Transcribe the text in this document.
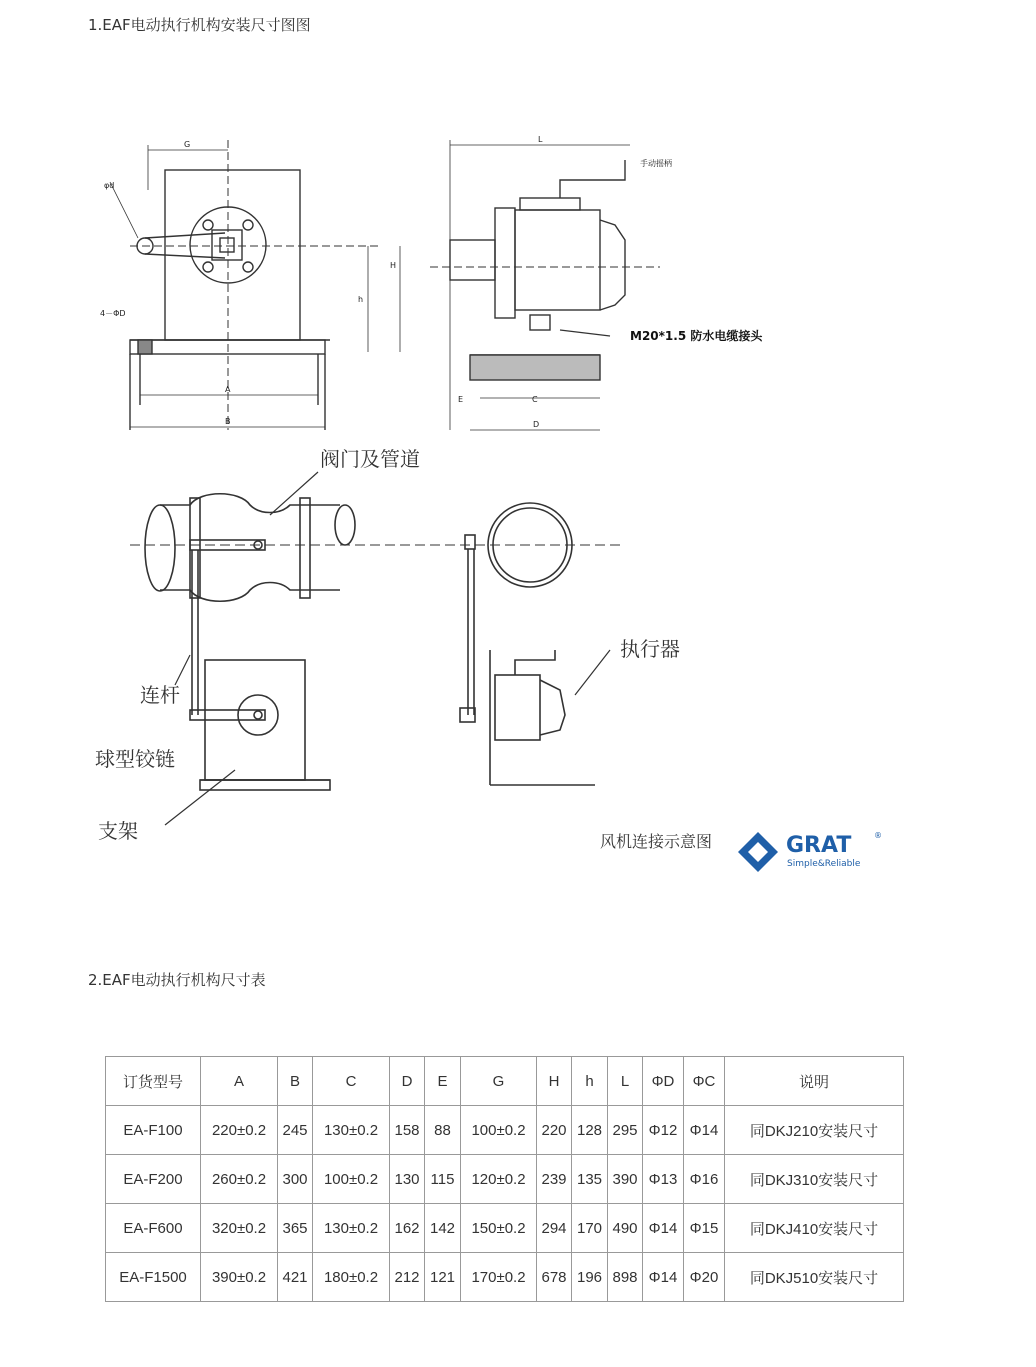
1.EAF电动执行机构安装尺寸图图
G
φd
H
h
4－ΦD
A
B
L
手动摇柄
M20*1.5 防水电缆接头
E	C
D
阀门及管道
执行器
连杆
球型铰链
支架	风机连接示意图	GRAT	®
Simple&Reliable
2.EAF电动执行机构尺寸表
订货型号	A	B	C	D	E	G	H	h	L	ΦD	ΦC	说明
EA-F100	220±0.2	245	130±0.2	158	88	100±0.2	220	128	295	Φ12	Φ14	同DKJ210安装尺寸
EA-F200	260±0.2	300	100±0.2	130	115	120±0.2	239	135	390	Φ13	Φ16	同DKJ310安装尺寸
EA-F600	320±0.2	365	130±0.2	162	142	150±0.2	294	170	490	Φ14	Φ15	同DKJ410安装尺寸
EA-F1500	390±0.2	421	180±0.2	212	121	170±0.2	678	196	898	Φ14	Φ20	同DKJ510安装尺寸
